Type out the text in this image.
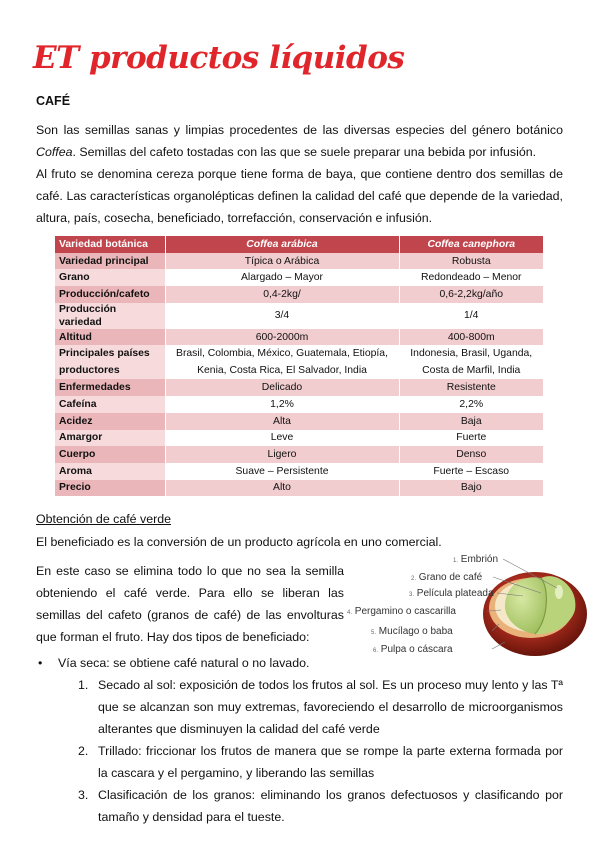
ET productos líquidos
CAFÉ

Son las semillas sanas y limpias procedentes de las diversas especies del género botánico Coffea. Semillas del cafeto tostadas con las que se suele preparar una bebida por infusión.

Al fruto se denomina cereza porque tiene forma de baya, que contiene dentro dos semillas de café. Las características organolépticas definen la calidad del café que depende de la variedad, altura, país, cosecha, beneficiado, torrefacción, conservación e infusión.

Variedad botánica	Coffea arábica	Coffea canephora
Variedad principal	Típica o Arábica	Robusta
Grano	Alargado – Mayor	Redondeado – Menor
Producción/cafeto	0,4-2kg/	0,6-2,2kg/año
Producción variedad	3/4	1/4
Altitud	600-2000m	400-800m
Principales países productores	Brasil, Colombia, México, Guatemala, Etiopía, Kenia, Costa Rica, El Salvador, India	Indonesia, Brasil, Uganda, Costa de Marfil, India
Enfermedades	Delicado	Resistente
Cafeína	1,2%	2,2%
Acidez	Alta	Baja
Amargor	Leve	Fuerte
Cuerpo	Ligero	Denso
Aroma	Suave – Persistente	Fuerte – Escaso
Precio	Alto	Bajo
Obtención de café verde

El beneficiado es la conversión de un producto agrícola en uno comercial.

En este caso se elimina todo lo que no sea la semilla obteniendo el café verde. Para ello se liberan las semillas del cafeto (granos de café) de las envolturas que forman el fruto. Hay dos tipos de beneficiado:

1. Embrión
2. Grano de café
3. Película plateada
4. Pergamino o cascarilla
5. Mucílago o baba
6. Pulpa o cáscara
• Vía seca: se obtiene café natural o no lavado.
1. Secado al sol: exposición de todos los frutos al sol. Es un proceso muy lento y las Tª que se alcanzan son muy extremas, favoreciendo el desarrollo de microorganismos alterantes que disminuyen la calidad del café verde
2. Trillado: friccionar los frutos de manera que se rompe la parte externa formada por la cascara y el pergamino, y liberando las semillas
3. Clasificación de los granos: eliminando los granos defectuosos y clasificando por tamaño y densidad para el tueste.
